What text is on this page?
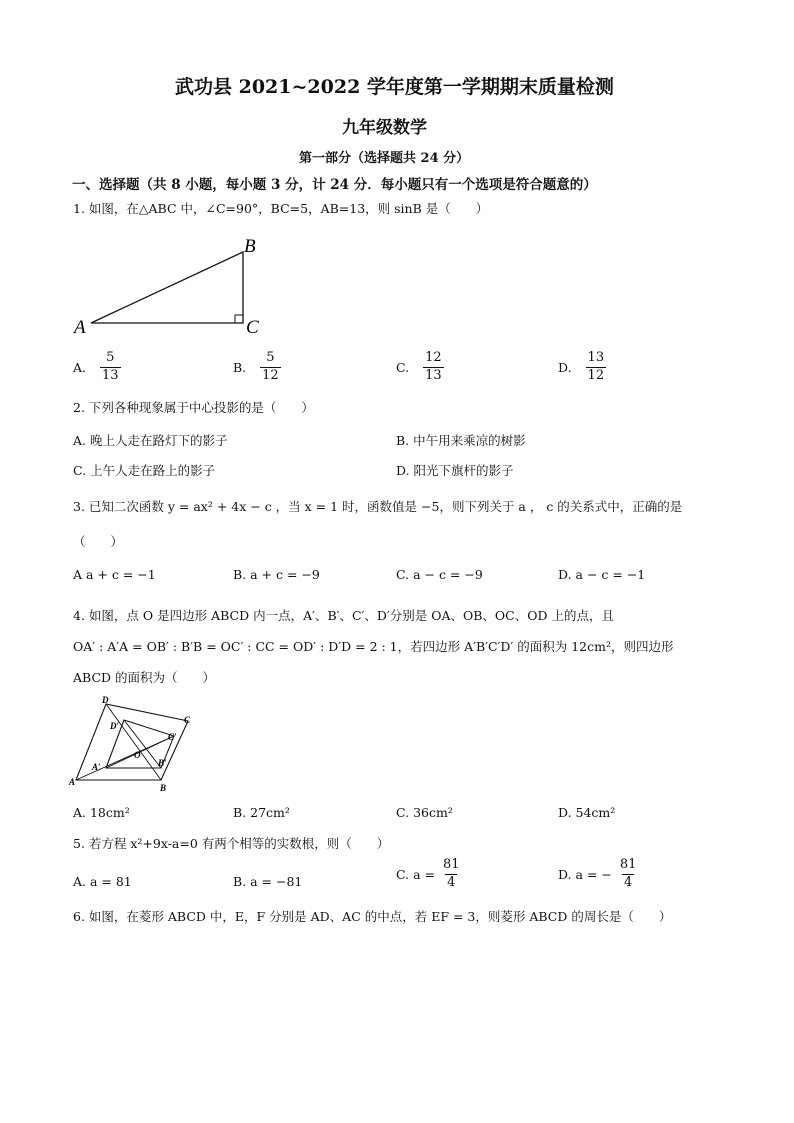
武功县 2021~2022 学年度第一学期期末质量检测
九年级数学
第一部分（选择题共 24 分）
一、选择题（共 8 小题，每小题 3 分，计 24 分．每小题只有一个选项是符合题意的）
1. 如图，在△ABC 中，∠C=90°，BC=5，AB=13，则 sinB 是（　　）
A
B
C
A. $\frac{5}{13}$	B. $\frac{5}{12}$	C. $\frac{12}{13}$	D. $\frac{13}{12}$
2. 下列各种现象属于中心投影的是（　　）
A. 晚上人走在路灯下的影子	B. 中午用来乘凉的树影
C. 上午人走在路上的影子	D. 阳光下旗杆的影子
3. 已知二次函数 y = ax² + 4x − c ，当 x = 1 时，函数值是 −5，则下列关于 a ， c 的关系式中，正确的是
（　　）
A a + c = −1	B. a + c = −9	C. a − c = −9	D. a − c = −1
4. 如图，点 O 是四边形 ABCD 内一点，A′、B′、C′、D′分别是 OA、OB、OC、OD 上的点，且
OA′ : A′A = OB′ : B′B = OC′ : CC = OD′ : D′D = 2 : 1，若四边形 A′B′C′D′ 的面积为 12cm²，则四边形
ABCD 的面积为（　　）
D
D′
C
C′
O
A′	B′
A
B
A. 18cm²	B. 27cm²	C. 36cm²	D. 54cm²
5. 若方程 x²+9x-a=0 有两个相等的实数根，则（　　）
A. a = 81	B. a = −81	C. $a = \frac{81}{4}$	D. a = − $\frac{81}{4}$
6. 如图，在菱形 ABCD 中，E，F 分别是 AD、AC 的中点，若 EF = 3，则菱形 ABCD 的周长是（　　）
